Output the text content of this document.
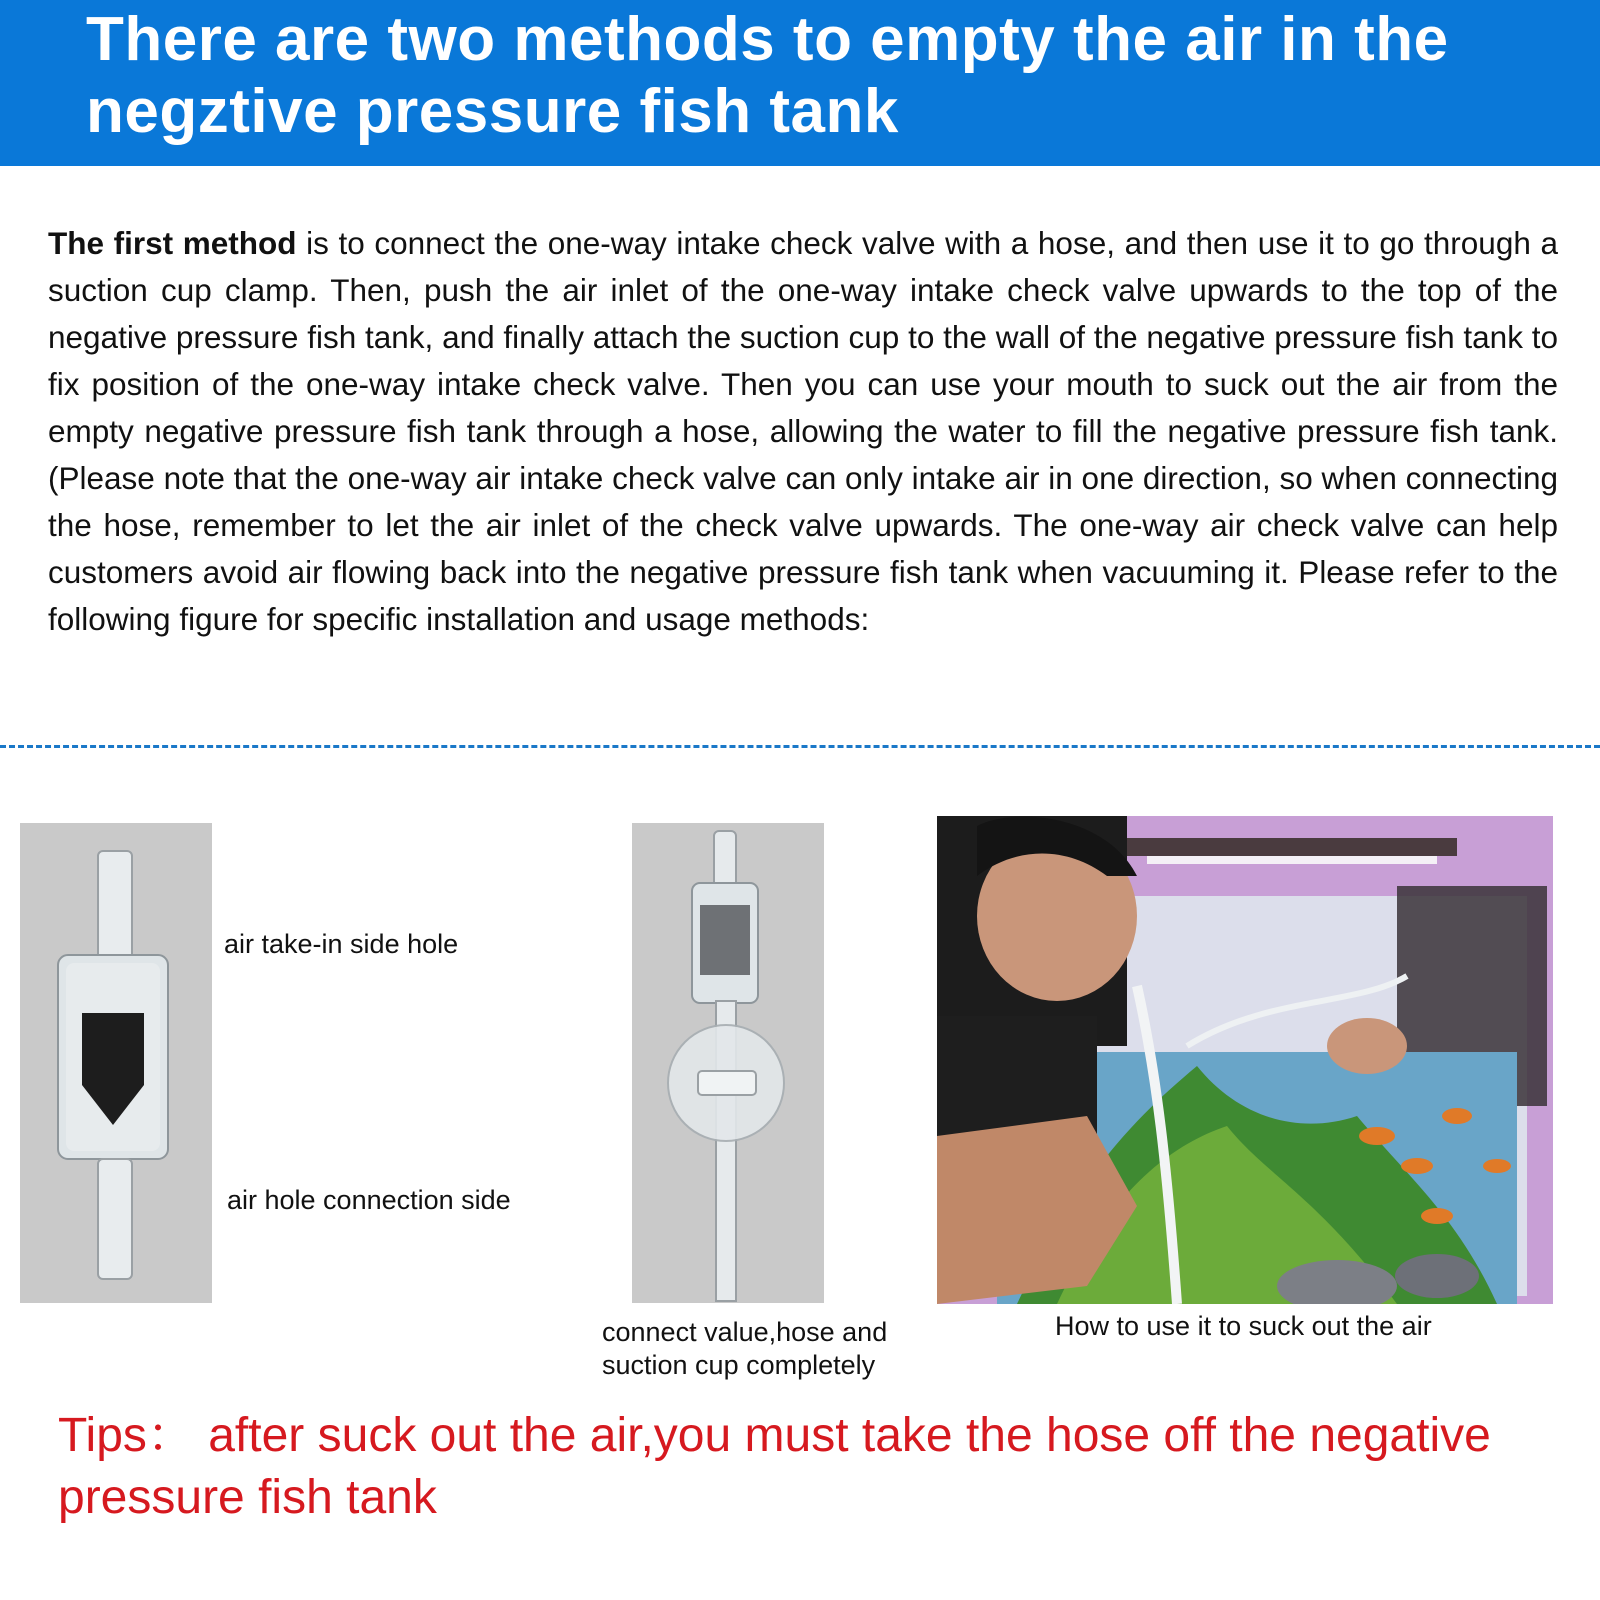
There are two methods to empty the air in the negztive pressure fish tank
The first method is to connect the one-way intake check valve with a hose, and then use it to go through a suction cup clamp. Then, push the air inlet of the one-way intake check valve upwards to the top of the negative pressure fish tank, and finally attach the suction cup to the wall of the negative pressure fish tank to fix position of the one-way intake check valve. Then you can use your mouth to suck out the air from the empty negative pressure fish tank through a hose, allowing the water to fill the negative pressure fish tank. (Please note that the one-way air intake check valve can only intake air in one direction, so when connecting the hose, remember to let the air inlet of the check valve upwards. The one-way air check valve can help customers avoid air flowing back into the negative pressure fish tank when vacuuming it. Please refer to the following figure for specific installation and usage methods:
air take-in side hole
air hole connection side
connect value,hose and
suction cup completely
How to use it to suck out the air
Tips： after suck out the air,you must take the hose off the negative pressure fish tank
